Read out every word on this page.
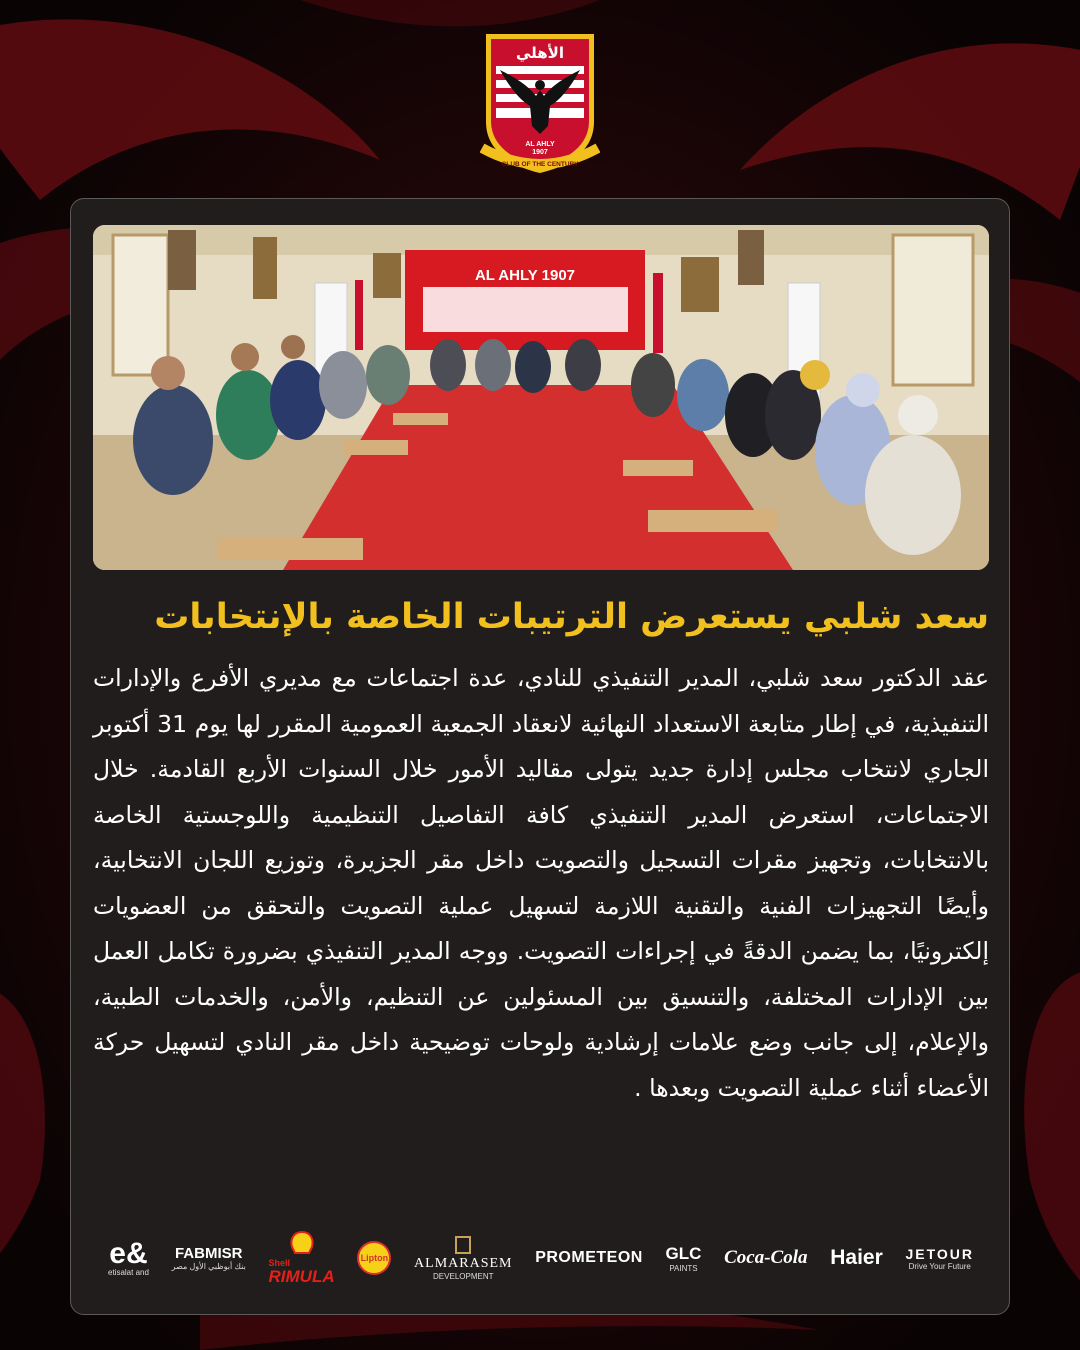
الأهلي
AL AHLY
1907
CLUB OF THE CENTURY
AL AHLY 1907
سعد شلبي يستعرض الترتيبات الخاصة بالإنتخابات
عقد الدكتور سعد شلبي، المدير التنفيذي للنادي، عدة اجتماعات مع مديري الأفرع والإدارات التنفيذية، في إطار متابعة الاستعداد النهائية لانعقاد الجمعية العمومية المقرر لها يوم 31 أكتوبر الجاري لانتخاب مجلس إدارة جديد يتولى مقاليد الأمور خلال السنوات الأربع القادمة. خلال الاجتماعات، استعرض المدير التنفيذي كافة التفاصيل التنظيمية واللوجستية الخاصة بالانتخابات، وتجهيز مقرات التسجيل والتصويت داخل مقر الجزيرة، وتوزيع اللجان الانتخابية، وأيضًا التجهيزات الفنية والتقنية اللازمة لتسهيل عملية التصويت والتحقق من العضويات إلكترونيًا، بما يضمن الدقةً في إجراءات التصويت. ووجه المدير التنفيذي بضرورة تكامل العمل بين الإدارات المختلفة، والتنسيق بين المسئولين عن التنظيم، والأمن، والخدمات الطبية، والإعلام، إلى جانب وضع علامات إرشادية ولوحات توضيحية داخل مقر النادي لتسهيل حركة الأعضاء أثناء عملية التصويت وبعدها .
e&
etisalat and
FABMISR
بنك أبوظبي الأول مصر	Shell
RIMULA
Lipton ALMARASEM
DEVELOPMENT
PROMETEON GLC
PAINTS Coca-Cola Haier JETOUR
Drive Your Future
